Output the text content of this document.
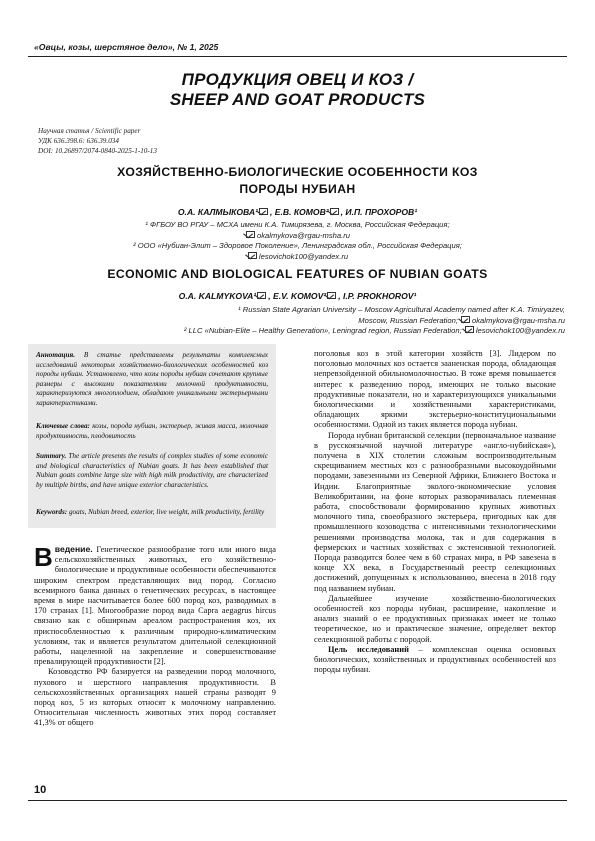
«Овцы, козы, шерстяное дело», № 1, 2025
ПРОДУКЦИЯ ОВЕЦ И КОЗ /
SHEEP AND GOAT PRODUCTS
Научная статья / Scientific paper
УДК 636.398.6: 636.39.034
DOI: 10.26897/2074-0840-2025-1-10-13
ХОЗЯЙСТВЕННО-БИОЛОГИЧЕСКИЕ ОСОБЕННОСТИ КОЗ
ПОРОДЫ НУБИАН
О.А. КАЛМЫКОВА¹ , Е.В. КОМОВ² , И.П. ПРОХОРОВ¹
¹ ФГБОУ ВО РГАУ – МСХА имени К.А. Тимирязева, г. Москва, Российская Федерация;
okalmykova@rgau-msha.ru
² ООО «Нубиан-Элит – Здоровое Поколение», Ленинградская обл., Российская Федерация;
lesovichok100@yandex.ru
ECONOMIC AND BIOLOGICAL FEATURES OF NUBIAN GOATS
O.A. KALMYKOVA¹ , E.V. KOMOV² , I.P. PROKHOROV¹
¹ Russian State Agrarian University – Moscow Agricultural Academy named after K.A. Timiryazev,
Moscow, Russian Federation; okalmykova@rgau-msha.ru
² LLC «Nubian-Elite – Healthy Generation», Leningrad region, Russian Federation; lesovichok100@yandex.ru
Аннотация. В статье представлены результаты комплексных исследований некоторых хозяйственно-биологических особенностей коз породы нубиан. Установлено, что козы породы нубиан сочетают крупные размеры с высокими показателями молочной продуктивности, характеризуются многоплодием, обладают уникальными экстерьерными характеристиками.
Ключевые слова: козы, порода нубиан, экстерьер, живая масса, молочная продуктивность, плодовитость
Summary. The article presents the results of complex studies of some economic and biological characteristics of Nubian goats. It has been established that Nubian goats combine large size with high milk productivity, are characterized by multiple births, and have unique exterior characteristics.
Keywords: goats, Nubian breed, exterior, live weight, milk productivity, fertility

Введение. Генетическое разнообразие того или иного вида сельскохозяйственных животных, его хозяйственно-биологические и продуктивные особенности обеспечиваются широким спектром представляющих вид пород. Согласно всемирного банка данных о генетических ресурсах, в настоящее время в мире насчитывается более 600 пород коз, разводимых в 170 странах [1]. Многообразие пород вида Capra aegagrus hircus связано как с обширным ареалом распространения коз, их приспособленностью к различным природно-климатическим условиям, так и является результатом длительной селекционной работы, нацеленной на закрепление и совершенствование превалирующей продуктивности [2].

Козоводство РФ базируется на разведении пород молочного, пухового и шерстного направления продуктивности. В сельскохозяйственных организациях нашей страны разводят 9 пород коз, 5 из которых относят к молочному направлению. Относительная численность животных этих пород составляет 41,3% от общего

поголовья коз в этой категории хозяйств [3]. Лидером по поголовью молочных коз остается зааненская порода, обладающая непревзойденной обильномолочностью. В тоже время повышается интерес к разведению пород, имеющих не только высокие продуктивные показатели, но и характеризующихся уникальными биологическими и хозяйственными характеристиками, обладающих яркими экстерьерно-конституциональными особенностями. Одной из таких является порода нубиан.

Порода нубиан британской селекции (первоначальное название в русскоязычной научной литературе «англо-нубийская»), получена в XIX столетии сложным воспроизводительным скрещиванием местных коз с разнообразными высокоудойными породами, завезенными из Северной Африки, Ближнего Востока и Индии. Благоприятные эколого-экономические условия Великобритании, на фоне которых разворачивалась племенная работа, способствовали формированию крупных животных молочного типа, своеобразного экстерьера, пригодных как для промышленного козоводства с интенсивными технологическими решениями производства молока, так и для содержания в фермерских и частных хозяйствах с экстенсивной технологией. Порода разводится более чем в 60 странах мира, в РФ завезена в конце XX века, в Государственный реестр селекционных достижений, допущенных к использованию, внесена в 2018 году под названием нубиан.

Дальнейшее изучение хозяйственно-биологических особенностей коз породы нубиан, расширение, накопление и анализ знаний о ее продуктивных признаках имеет не только теоретическое, но и практическое значение, определяет вектор селекционной работы с породой.

Цель исследований – комплексная оценка основных биологических, хозяйственных и продуктивных особенностей коз породы нубиан.

10
